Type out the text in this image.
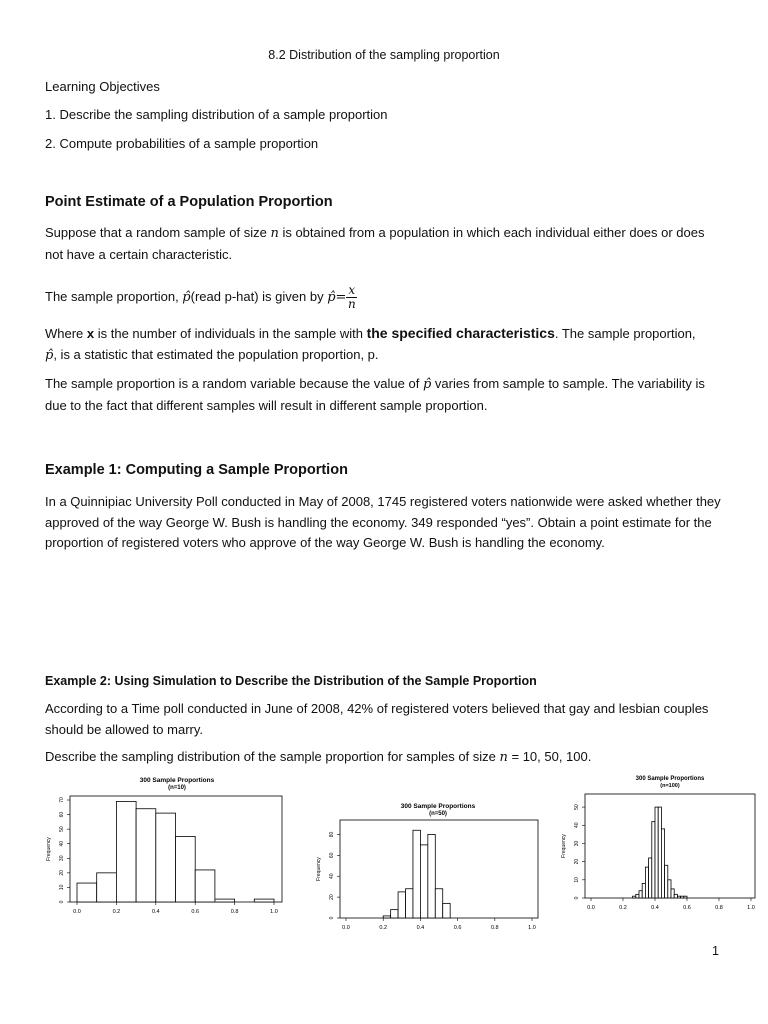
8.2 Distribution of the sampling proportion
Learning Objectives
1. Describe the sampling distribution of a sample proportion
2. Compute probabilities of a sample proportion
Point Estimate of a Population Proportion
Suppose that a random sample of size n is obtained from a population in which each individual either does or does not have a certain characteristic.
The sample proportion, p̂(read p-hat) is given by p̂= $\frac{x}{n}$
Where x is the number of individuals in the sample with the specified characteristics. The sample proportion,
p̂, is a statistic that estimated the population proportion, p.
The sample proportion is a random variable because the value of p̂ varies from sample to sample. The variability is due to the fact that different samples will result in different sample proportion.
Example 1: Computing a Sample Proportion
In a Quinnipiac University Poll conducted in May of 2008, 1745 registered voters nationwide were asked whether they approved of the way George W. Bush is handling the economy. 349 responded “yes”. Obtain a point estimate for the proportion of registered voters who approve of the way George W. Bush is handling the economy.
Example 2: Using Simulation to Describe the Distribution of the Sample Proportion
According to a Time poll conducted in June of 2008, 42% of registered voters believed that gay and lesbian couples should be allowed to marry.
Describe the sampling distribution of the sample proportion for samples of size n = 10, 50, 100.
300 Sample Proportions
(n=10)
0.0	0.2	0.4	0.6	0.8	1.0
0
10
20
30
40
50
60
70
Frequency
300 Sample Proportions
(n=50)
0.0	0.2	0.4	0.6	0.8	1.0
0
20
40
60
80
Frequency
300 Sample Proportions
(n=100)
0.0	0.2	0.4	0.6	0.8	1.0
0
10
20
30
40
50
Frequency
1
